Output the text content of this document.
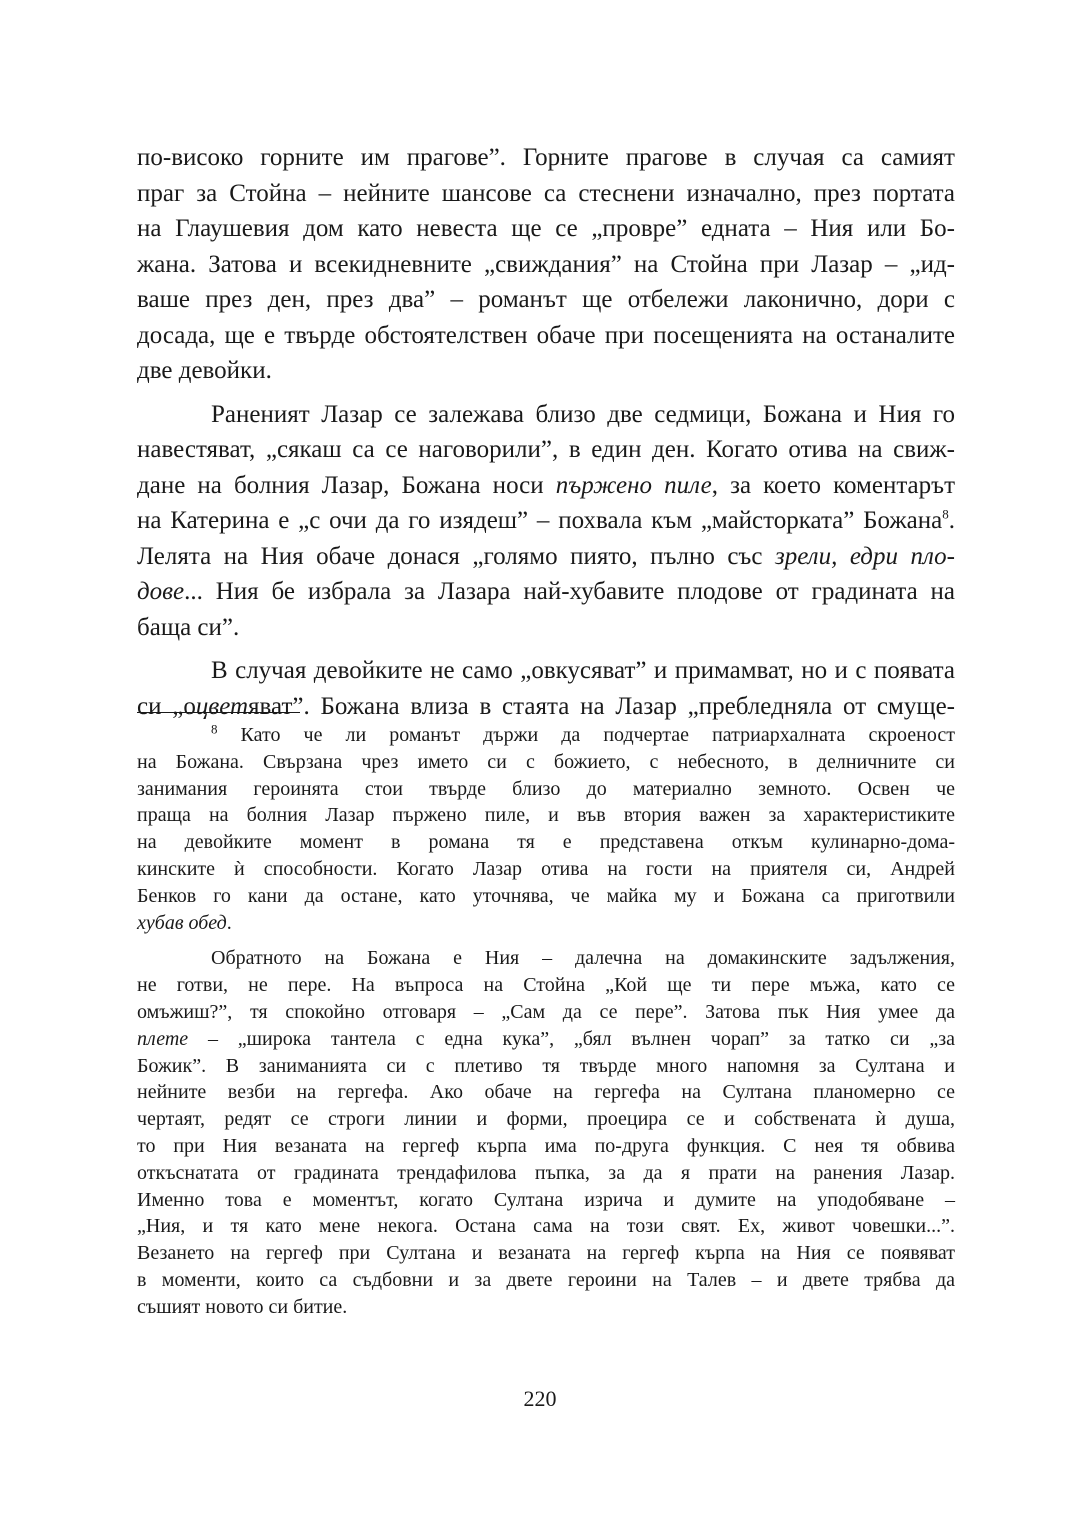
по-високо горните им прагове”. Горните прагове в случая са самият
праг за Стойна – нейните шансове са стеснени изначално, през портата
на Глаушевия дом като невеста ще се „провре” едната – Ния или Бо-
жана. Затова и всекидневните „свиждания” на Стойна при Лазар – „ид-
ваше през ден, през два” – романът ще отбележи лаконично, дори с
досада, ще е твърде обстоятелствен обаче при посещенията на останалите
две девойки.
Раненият Лазар се залежава близо две седмици, Божана и Ния го
навестяват, „сякаш са се наговорили”, в един ден. Когато отива на свиж-
дане на болния Лазар, Божана носи пържено пиле, за което коментарът
на Катерина е „с очи да го изядеш” – похвала към „майсторката” Божана$^8$.
Лелята на Ния обаче донася „голямо пиято, пълно със зрели, едри пло-
дове... Ния бе избрала за Лазара най-хубавите плодове от градината на
баща си”.
В случая девойките не само „овкусяват” и примамват, но и с появата
си „оцветяват”. Божана влиза в стаята на Лазар „пребледняла от смуще-
$^8$ Като че ли романът държи да подчертае патриархалната скроеност
на Божана. Свързана чрез името си с божието, с небесното, в делничните си
занимания героинята стои твърде близо до материално земното. Освен че
праща на болния Лазар пържено пиле, и във втория важен за характеристиките
на девойките момент в романа тя е представена откъм кулинарно-дома-
кинските ѝ способности. Когато Лазар отива на гости на приятеля си, Андрей
Бенков го кани да остане, като уточнява, че майка му и Божана са приготвили
хубав обед.
Обратното на Божана е Ния – далечна на домакинските задължения,
не готви, не пере. На въпроса на Стойна „Кой ще ти пере мъжа, като се
омъжиш?”, тя спокойно отговаря – „Сам да се пере”. Затова пък Ния умее да
плете – „широка тантела с една кука”, „бял вълнен чорап” за татко си „за
Божик”. В заниманията си с плетиво тя твърде много напомня за Султана и
нейните везби на гергефа. Ако обаче на гергефа на Султана планомерно се
чертаят, редят се строги линии и форми, проецира се и собствената ѝ душа,
то при Ния везаната на гергеф кърпа има по-друга функция. С нея тя обвива
откъснатата от градината трендафилова пъпка, за да я прати на ранения Лазар.
Именно това е моментът, когато Султана изрича и думите на уподобяване –
„Ния, и тя като мене некога. Остана сама на този свят. Ех, живот човешки...”.
Везането на гергеф при Султана и везаната на гергеф кърпа на Ния се появяват
в моменти, които са съдбовни и за двете героини на Талев – и двете трябва да
съшият новото си битие.
220
